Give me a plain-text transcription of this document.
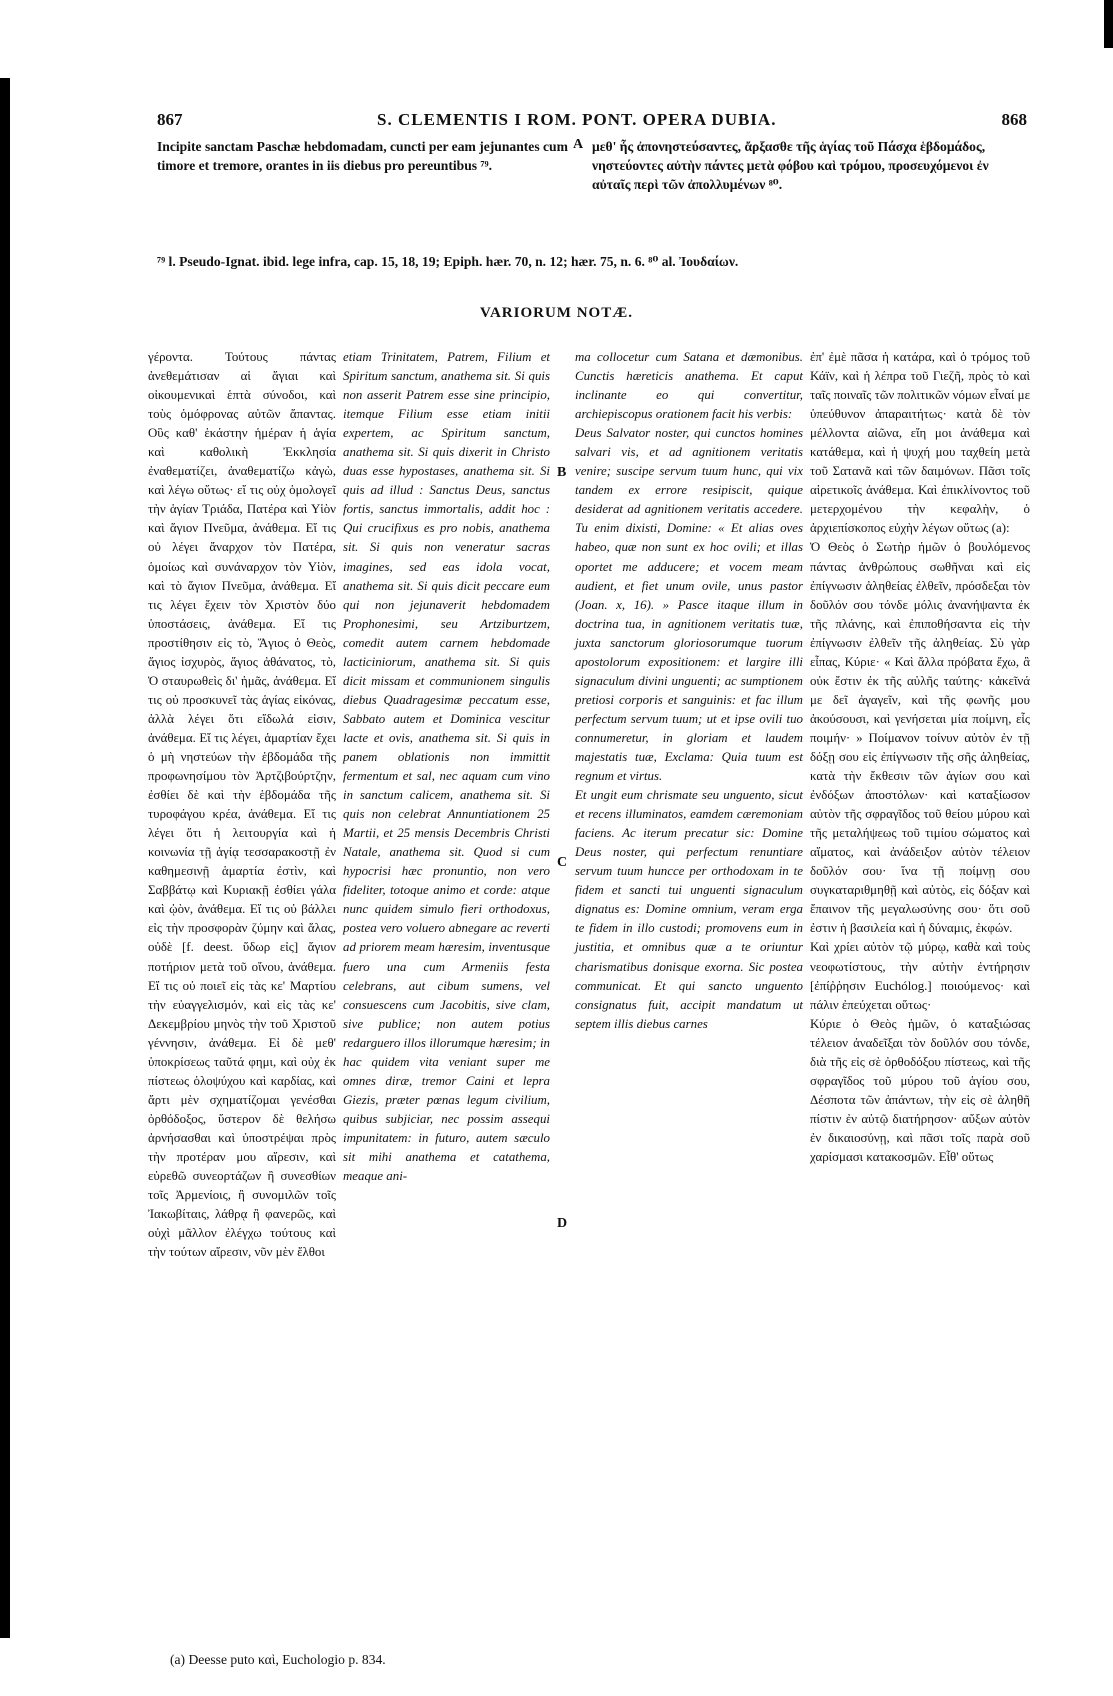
867	S. CLEMENTIS I ROM. PONT. OPERA DUBIA.	868
Incipite sanctam Paschæ hebdomadam, cuncti per eam jejunantes cum timore et tremore, orantes in iis diebus pro pereuntibus ⁷⁹.
A μεθ' ἧς ἀπονηστεύσαντες, ἄρξασθε τῆς ἁγίας τοῦ Πάσχα ἑβδομάδος, νηστεύοντες αὐτὴν πάντες μετὰ φόβου καὶ τρόμου, προσευχόμενοι ἐν αὐταῖς περὶ τῶν ἀπολλυμένων ⁸⁰.
⁷⁹ l. Pseudo-Ignat. ibid. lege infra, cap. 15, 18, 19; Epiph. hær. 70, n. 12; hær. 75, n. 6. ⁸⁰ al. Ἰουδαίων.
VARIORUM NOTÆ.

γέροντα. Τούτους πάντας ἀνεθεμάτισαν αἱ ἅγιαι καὶ οἰκουμενικαὶ ἑπτὰ σύνοδοι, καὶ τοὺς ὁμόφρονας αὐτῶν ἅπαντας. Οὓς καθ' ἑκάστην ἡμέραν ἡ ἁγία καὶ καθολικὴ Ἐκκλησία ἐναθεματίζει, ἀναθεματίζω κἀγὼ, καὶ λέγω οὕτως· εἴ τις οὐχ ὁμολογεῖ τὴν ἁγίαν Τριάδα, Πατέρα καὶ Υἱὸν καὶ ἅγιον Πνεῦμα, ἀνάθεμα. Εἴ τις οὐ λέγει ἄναρχον τὸν Πατέρα, ὁμοίως καὶ συνάναρχον τὸν Υἱὸν, καὶ τὸ ἅγιον Πνεῦμα, ἀνάθεμα. Εἴ τις λέγει ἔχειν τὸν Χριστὸν δύο ὑποστάσεις, ἀνάθεμα. Εἴ τις προστίθησιν εἰς τὸ, Ἅγιος ὁ Θεὸς, ἅγιος ἰσχυρὸς, ἅγιος ἀθάνατος, τὸ, Ὁ σταυρωθεὶς δι' ἡμᾶς, ἀνάθεμα. Εἴ τις οὐ προσκυνεῖ τὰς ἁγίας εἰκόνας, ἀλλὰ λέγει ὅτι εἴδωλά εἰσιν, ἀνάθεμα. Εἴ τις λέγει, ἁμαρτίαν ἔχει ὁ μὴ νηστεύων τὴν ἑβδομάδα τῆς προφωνησίμου τὸν Ἀρτζιβούρτζην, ἐσθίει δὲ καὶ τὴν ἑβδομάδα τῆς τυροφάγου κρέα, ἀνάθεμα. Εἴ τις λέγει ὅτι ἡ λειτουργία καὶ ἡ κοινωνία τῇ ἁγίᾳ τεσσαρακοστῇ ἐν καθημεσινῇ ἁμαρτία ἐστὶν, καὶ Σαββάτῳ καὶ Κυριακῇ ἐσθίει γάλα καὶ ᾠὸν, ἀνάθεμα. Εἴ τις οὐ βάλλει εἰς τὴν προσφορὰν ζύμην καὶ ἅλας, οὐδὲ [f. deest. ὕδωρ εἰς] ἅγιον ποτήριον μετὰ τοῦ οἴνου, ἀνάθεμα. Εἴ τις οὐ ποιεῖ εἰς τὰς κε' Μαρτίου τὴν εὐαγγελισμόν, καὶ εἰς τὰς κε' Δεκεμβρίου μηνὸς τὴν τοῦ Χριστοῦ γέννησιν, ἀνάθεμα. Εἰ δὲ μεθ' ὑποκρίσεως ταῦτά φημι, καὶ οὐχ ἐκ πίστεως ὁλοψύχου καὶ καρδίας, καὶ ἄρτι μὲν σχηματίζομαι γενέσθαι ὀρθόδοξος, ὕστερον δὲ θελήσω ἀρνήσασθαι καὶ ὑποστρέψαι πρὸς τὴν προτέραν μου αἵρεσιν, καὶ εὑρεθῶ συνεορτάζων ἢ συνεσθίων τοῖς Ἀρμενίοις, ἢ συνομιλῶν τοῖς Ἰακωβίταις, λάθρᾳ ἢ φανερῶς, καὶ οὐχὶ μᾶλλον ἐλέγχω τούτους καὶ τὴν τούτων αἵρεσιν, νῦν μὲν ἔλθοι

etiam Trinitatem, Patrem, Filium et Spiritum sanctum, anathema sit. Si quis non asserit Patrem esse sine principio, itemque Filium esse etiam initii expertem, ac Spiritum sanctum, anathema sit. Si quis dixerit in Christo duas esse hypostases, anathema sit. Si quis ad illud : Sanctus Deus, sanctus fortis, sanctus immortalis, addit hoc : Qui crucifixus es pro nobis, anathema sit. Si quis non veneratur sacras imagines, sed eas idola vocat, anathema sit. Si quis dicit peccare eum qui non jejunaverit hebdomadem Prophonesimi, seu Artziburtzem, comedit autem carnem hebdomade lacticiniorum, anathema sit. Si quis dicit missam et communionem singulis diebus Quadragesimæ peccatum esse, Sabbato autem et Dominica vescitur lacte et ovis, anathema sit. Si quis in panem oblationis non immittit fermentum et sal, nec aquam cum vino in sanctum calicem, anathema sit. Si quis non celebrat Annuntiationem 25 Martii, et 25 mensis Decembris Christi Natale, anathema sit. Quod si cum hypocrisi hæc pronuntio, non vero fideliter, totoque animo et corde: atque nunc quidem simulo fieri orthodoxus, postea vero voluero abnegare ac reverti ad priorem meam hæresim, inventusque fuero una cum Armeniis festa celebrans, aut cibum sumens, vel consuescens cum Jacobitis, sive clam, sive publice; non autem potius redarguero illos illorumque hæresim; in hac quidem vita veniant super me omnes diræ, tremor Caini et lepra Giezis, præter pœnas legum civilium, quibus subjiciar, nec possim assequi impunitatem: in futuro, autem sæculo sit mihi anathema et catathema, meaque ani-

B
C
D

ma collocetur cum Satana et dæmonibus. Cunctis hæreticis anathema. Et caput inclinante eo qui convertitur, archiepiscopus orationem facit his verbis:

Deus Salvator noster, qui cunctos homines salvari vis, et ad agnitionem veritatis venire; suscipe servum tuum hunc, qui vix tandem ex errore resipiscit, quique desiderat ad agnitionem veritatis accedere. Tu enim dixisti, Domine: « Et alias oves habeo, quæ non sunt ex hoc ovili; et illas oportet me adducere; et vocem meam audient, et fiet unum ovile, unus pastor (Joan. x, 16). » Pasce itaque illum in doctrina tua, in agnitionem veritatis tuæ, juxta sanctorum gloriosorumque tuorum apostolorum expositionem: et largire illi signaculum divini unguenti; ac sumptionem pretiosi corporis et sanguinis: et fac illum perfectum servum tuum; ut et ipse ovili tuo connumeretur, in gloriam et laudem majestatis tuæ, Exclama: Quia tuum est regnum et virtus.

Et ungit eum chrismate seu unguento, sicut et recens illuminatos, eamdem cæremoniam faciens. Ac iterum precatur sic: Domine Deus noster, qui perfectum renuntiare servum tuum huncce per orthodoxam in te fidem et sancti tui unguenti signaculum dignatus es: Domine omnium, veram erga te fidem in illo custodi; promovens eum in justitia, et omnibus quæ a te oriuntur charismatibus donisque exorna. Sic postea communicat. Et qui sancto unguento consignatus fuit, accipit mandatum ut septem illis diebus carnes

ἐπ' ἐμὲ πᾶσα ἡ κατάρα, καὶ ὁ τρόμος τοῦ Κάϊν, καὶ ἡ λέπρα τοῦ Γιεζῆ, πρὸς τὸ καὶ ταῖς ποιναῖς τῶν πολιτικῶν νόμων εἶναί με ὑπεύθυνον ἀπαραιτήτως· κατὰ δὲ τὸν μέλλοντα αἰῶνα, εἴη μοι ἀνάθεμα καὶ κατάθεμα, καὶ ἡ ψυχή μου ταχθείη μετὰ τοῦ Σατανᾶ καὶ τῶν δαιμόνων. Πᾶσι τοῖς αἱρετικοῖς ἀνάθεμα. Καὶ ἐπικλίνοντος τοῦ μετερχομένου τὴν κεφαλὴν, ὁ ἀρχιεπίσκοπος εὐχὴν λέγων οὕτως (a):

Ὁ Θεὸς ὁ Σωτὴρ ἡμῶν ὁ βουλόμενος πάντας ἀνθρώπους σωθῆναι καὶ εἰς ἐπίγνωσιν ἀληθείας ἐλθεῖν, πρόσδεξαι τὸν δοῦλόν σου τόνδε μόλις ἀνανήψαντα ἐκ τῆς πλάνης, καὶ ἐπιποθήσαντα εἰς τὴν ἐπίγνωσιν ἐλθεῖν τῆς ἀληθείας. Σὺ γὰρ εἶπας, Κύριε· « Καὶ ἄλλα πρόβατα ἔχω, ἃ οὐκ ἔστιν ἐκ τῆς αὐλῆς ταύτης· κἀκεῖνά με δεῖ ἀγαγεῖν, καὶ τῆς φωνῆς μου ἀκούσουσι, καὶ γενήσεται μία ποίμνη, εἷς ποιμήν· » Ποίμανον τοίνυν αὐτὸν ἐν τῇ δόξῃ σου εἰς ἐπίγνωσιν τῆς σῆς ἀληθείας, κατὰ τὴν ἔκθεσιν τῶν ἁγίων σου καὶ ἐνδόξων ἀποστόλων· καὶ καταξίωσον αὐτὸν τῆς σφραγῖδος τοῦ θείου μύρου καὶ τῆς μεταλήψεως τοῦ τιμίου σώματος καὶ αἵματος, καὶ ἀνάδειξον αὐτὸν τέλειον δοῦλόν σου· ἵνα τῇ ποίμνῃ σου συγκαταριθμηθῇ καὶ αὐτὸς, εἰς δόξαν καὶ ἔπαινον τῆς μεγαλωσύνης σου· ὅτι σοῦ ἐστιν ἡ βασιλεία καὶ ἡ δύναμις, ἐκφών.

Καὶ χρίει αὐτὸν τῷ μύρῳ, καθὰ καὶ τοὺς νεοφωτίστους, τὴν αὐτὴν ἐντήρησιν [ἐπίῤῥησιν Euchólog.] ποιούμενος· καὶ πάλιν ἐπεύχεται οὕτως·

Κύριε ὁ Θεὸς ἡμῶν, ὁ καταξιώσας τέλειον ἀναδεῖξαι τὸν δοῦλόν σου τόνδε, διὰ τῆς εἰς σὲ ὀρθοδόξου πίστεως, καὶ τῆς σφραγῖδος τοῦ μύρου τοῦ ἁγίου σου, Δέσποτα τῶν ἁπάντων, τὴν εἰς σὲ ἀληθῆ πίστιν ἐν αὐτῷ διατήρησον· αὔξων αὐτὸν ἐν δικαιοσύνῃ, καὶ πᾶσι τοῖς παρὰ σοῦ χαρίσμασι κατακοσμῶν. Εἶθ' οὕτως

(a) Deesse puto καὶ, Euchologio p. 834.
